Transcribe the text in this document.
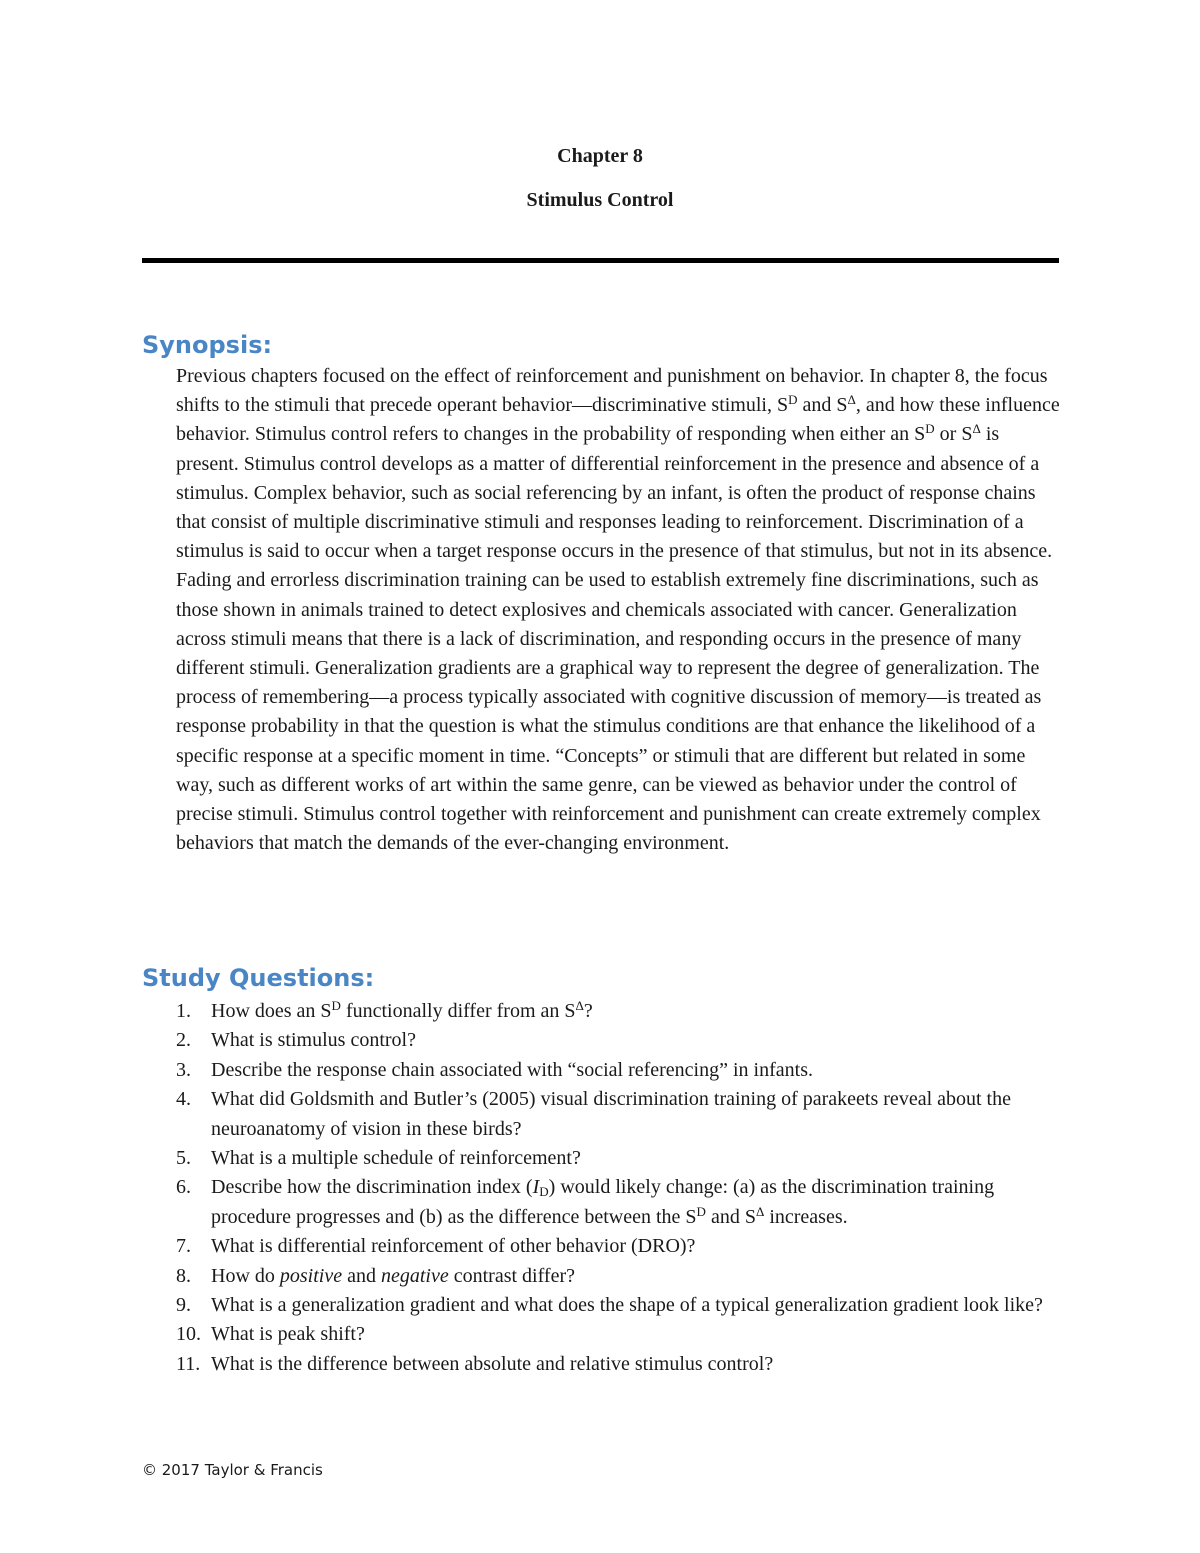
Chapter 8
Stimulus Control
Synopsis:

Previous chapters focused on the effect of reinforcement and punishment on behavior. In chapter 8, the focus shifts to the stimuli that precede operant behavior—discriminative stimuli, $S^D$ and $S^\Delta$, and how these influence behavior. Stimulus control refers to changes in the probability of responding when either an $S^D$ or $S^\Delta$ is present. Stimulus control develops as a matter of differential reinforcement in the presence and absence of a stimulus. Complex behavior, such as social referencing by an infant, is often the product of response chains that consist of multiple discriminative stimuli and responses leading to reinforcement. Discrimination of a stimulus is said to occur when a target response occurs in the presence of that stimulus, but not in its absence. Fading and errorless discrimination training can be used to establish extremely fine discriminations, such as those shown in animals trained to detect explosives and chemicals associated with cancer. Generalization across stimuli means that there is a lack of discrimination, and responding occurs in the presence of many different stimuli. Generalization gradients are a graphical way to represent the degree of generalization. The process of remembering—a process typically associated with cognitive discussion of memory—is treated as response probability in that the question is what the stimulus conditions are that enhance the likelihood of a specific response at a specific moment in time. “Concepts” or stimuli that are different but related in some way, such as different works of art within the same genre, can be viewed as behavior under the control of precise stimuli. Stimulus control together with reinforcement and punishment can create extremely complex behaviors that match the demands of the ever-changing environment.

Study Questions:
1. How does an $S^D$ functionally differ from an $S^\Delta$?
2. What is stimulus control?
3. Describe the response chain associated with “social referencing” in infants.
4. What did Goldsmith and Butler’s (2005) visual discrimination training of parakeets reveal about the neuroanatomy of vision in these birds?
5. What is a multiple schedule of reinforcement?
6. Describe how the discrimination index $(I_D)$ would likely change: (a) as the discrimination training procedure progresses and (b) as the difference between the $S^D$ and $S^\Delta$ increases.
7. What is differential reinforcement of other behavior (DRO)?
8. How do positive and negative contrast differ?
9. What is a generalization gradient and what does the shape of a typical generalization gradient look like?
10. What is peak shift?
11. What is the difference between absolute and relative stimulus control?
© 2017 Taylor & Francis
